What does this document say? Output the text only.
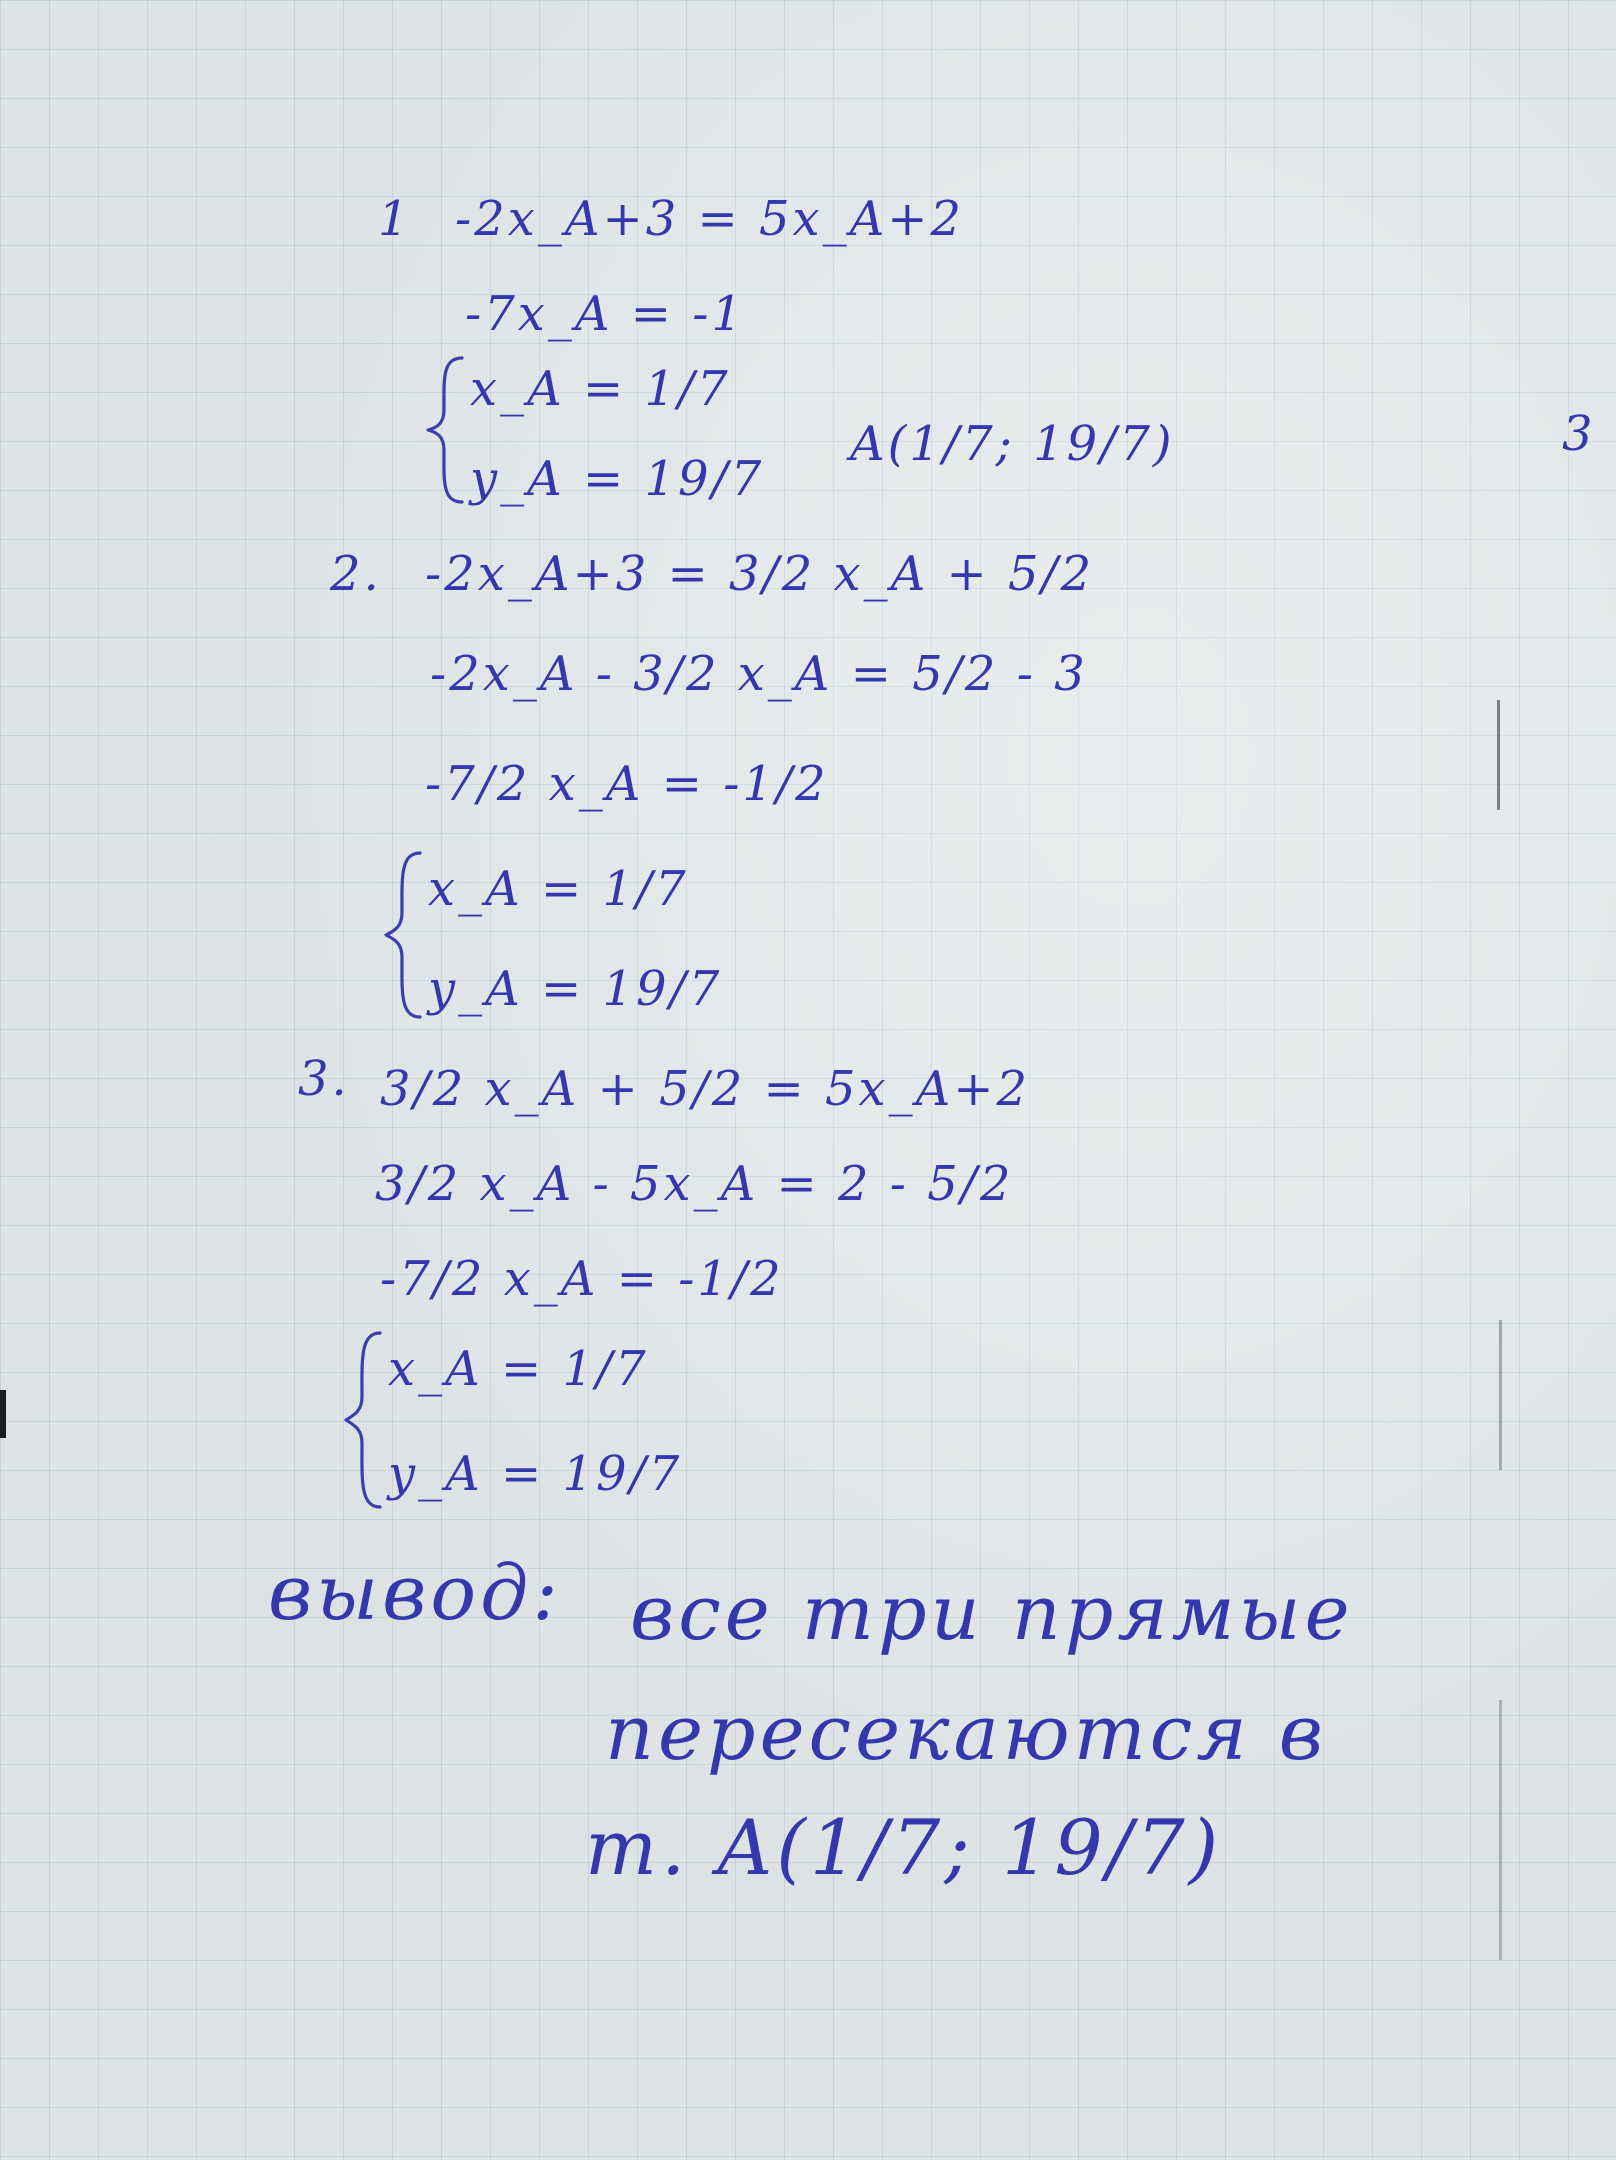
3
1 -2x_A+3 = 5x_A+2
-7x_A = -1
x_A = 1/7
y_A = 19/7
A(1/7; 19/7)
2. -2x_A+3 = 3/2 x_A + 5/2
-2x_A - 3/2 x_A = 5/2 - 3
-7/2 x_A = -1/2
x_A = 1/7
y_A = 19/7
3. 3/2 x_A + 5/2 = 5x_A+2
3/2 x_A - 5x_A = 2 - 5/2
-7/2 x_A = -1/2
x_A = 1/7
y_A = 19/7
вывод: все три прямые
пересекаются в
т. A(1/7; 19/7)
